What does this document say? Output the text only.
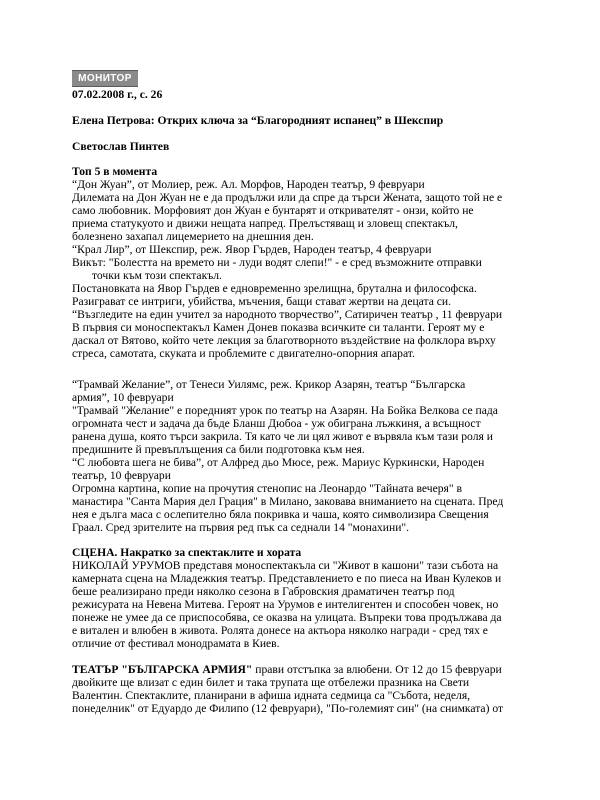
МОНИТОР

07.02.2008 г., с. 26

Елена Петрова: Открих ключа за “Благородният испанец” в Шекспир

Светослав Пинтев

Топ 5 в момента

“Дон Жуан”, от Молиер, реж. Ал. Морфов, Народен театър, 9 февруари

Дилемата на Дон Жуан не е да продължи или да спре да търси Жената, защото той не е

само любовник. Морфовият дон Жуан е бунтарят и откривателят - онзи, който не

приема статукуото и движи нещата напред. Прелъстяващ и зловещ спектакъл,

болезнено захапал лицемерието на днешния ден.

“Крал Лир”, от Шекспир, реж. Явор Гърдев, Народен театър, 4 февруари

Викът: "Болестта на времето ни - луди водят слепи!" - е сред възможните отправки

точки към този спектакъл.

Постановката на Явор Гърдев е едновременно зрелищна, брутална и философска.

Разиграват се интриги, убийства, мъчения, бащи стават жертви на децата си.

“Възгледите на един учител за народното творчество”, Сатиричен театър , 11 февруари

В първия си моноспектакъл Камен Донев показва всичките си таланти. Героят му е

даскал от Вятово, който чете лекция за благотворното въздействие на фолклора върху

стреса, самотата, скуката и проблемите с двигателно-опорния апарат.

“Трамвай Желание”, от Тенеси Уилямс, реж. Крикор Азарян, театър “Българска

армия”, 10 февруари

"Трамвай "Желание" е поредният урок по театър на Азарян. На Бойка Велкова се пада

огромната чест и задача да бъде Бланш Дюбоа - уж обиграна лъжкиня, а всъщност

ранена душа, която търси закрила. Тя като че ли цял живот е вървяла към тази роля и

предишните й превъплъщения са били подготовка към нея.

“С любовта шега не бива”, от Алфред дьо Мюсе, реж. Мариус Куркински, Народен

театър, 10 февруари

Огромна картина, копие на прочутия стенопис на Леонардо "Тайната вечеря" в

манастира "Санта Мария дел Грация" в Милано, заковава вниманието на сцената. Пред

нея е дълга маса с ослепително бяла покривка и чаша, която символизира Свещения

Граал. Сред зрителите на първия ред пък са седнали 14 "монахини".

СЦЕНА. Накратко за спектаклите и хората

НИКОЛАЙ УРУМОВ представя моноспектакъла си "Живот в кашони" тази събота на

камерната сцена на Младежкия театър. Представлението е по пиеса на Иван Кулеков и

беше реализирано преди няколко сезона в Габровския драматичен театър под

режисурата на Невена Митева. Героят на Урумов е интелигентен и способен човек, но

понеже не умее да се приспособява, се оказва на улицата. Въпреки това продължава да

е витален и влюбен в живота. Ролята донесе на актьора няколко награди - сред тях е

отличие от фестивал монодрамата в Киев.

ТЕАТЪР "БЪЛГАРСКА АРМИЯ" прави отстъпка за влюбени. От 12 до 15 февруари

двойките ще влизат с един билет и така трупата ще отбележи празника на Свети

Валентин. Спектаклите, планирани в афиша идната седмица са "Събота, неделя,

понеделник" от Едуардо де Филипо (12 февруари), "По-големият син" (на снимката) от
